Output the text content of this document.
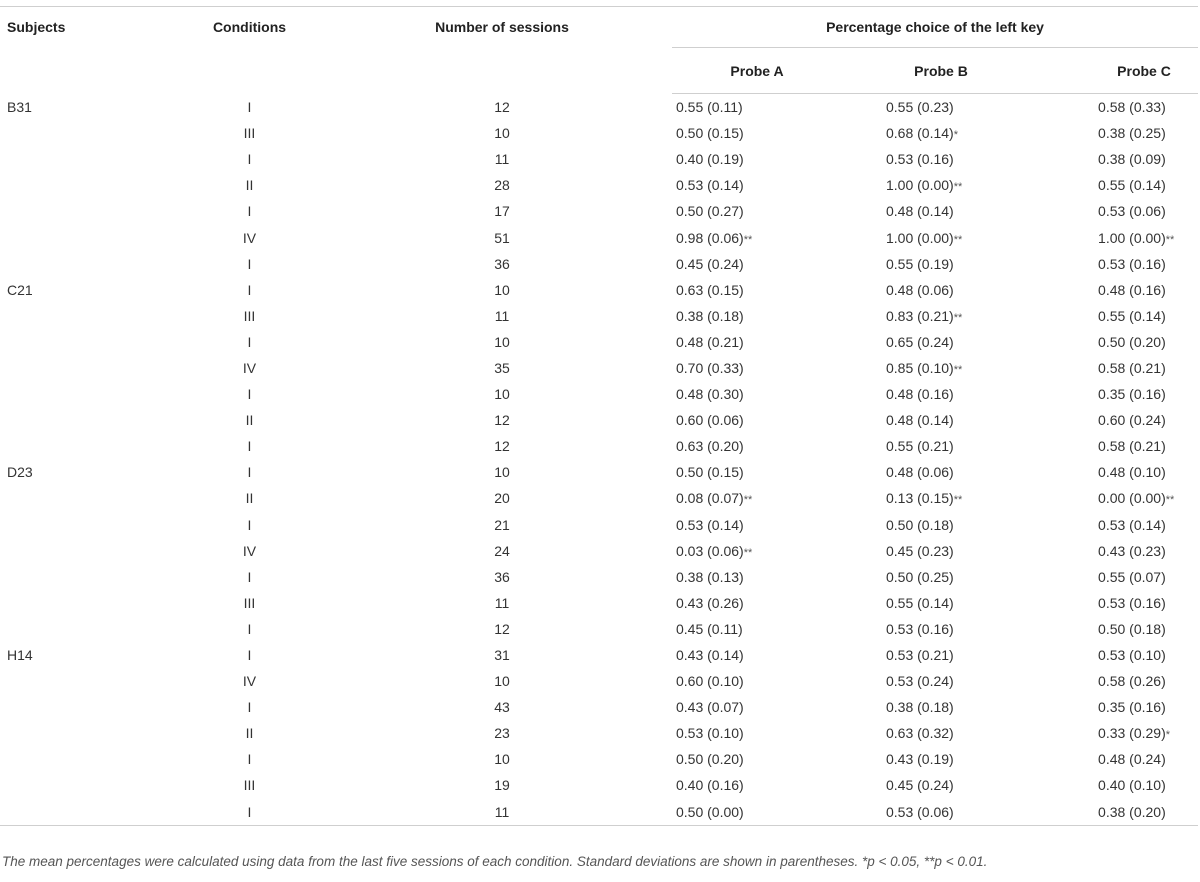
Subjects	Conditions	Number of sessions	Percentage choice of the left key		
			Probe A	Probe B	Probe C
B31	I	12	0.55 (0.11)	0.55 (0.23)	0.58 (0.33)
	III	10	0.50 (0.15)	0.68 (0.14)*	0.38 (0.25)
	I	11	0.40 (0.19)	0.53 (0.16)	0.38 (0.09)
	II	28	0.53 (0.14)	1.00 (0.00)**	0.55 (0.14)
	I	17	0.50 (0.27)	0.48 (0.14)	0.53 (0.06)
	IV	51	0.98 (0.06)**	1.00 (0.00)**	1.00 (0.00)**
	I	36	0.45 (0.24)	0.55 (0.19)	0.53 (0.16)
C21	I	10	0.63 (0.15)	0.48 (0.06)	0.48 (0.16)
	III	11	0.38 (0.18)	0.83 (0.21)**	0.55 (0.14)
	I	10	0.48 (0.21)	0.65 (0.24)	0.50 (0.20)
	IV	35	0.70 (0.33)	0.85 (0.10)**	0.58 (0.21)
	I	10	0.48 (0.30)	0.48 (0.16)	0.35 (0.16)
	II	12	0.60 (0.06)	0.48 (0.14)	0.60 (0.24)
	I	12	0.63 (0.20)	0.55 (0.21)	0.58 (0.21)
D23	I	10	0.50 (0.15)	0.48 (0.06)	0.48 (0.10)
	II	20	0.08 (0.07)**	0.13 (0.15)**	0.00 (0.00)**
	I	21	0.53 (0.14)	0.50 (0.18)	0.53 (0.14)
	IV	24	0.03 (0.06)**	0.45 (0.23)	0.43 (0.23)
	I	36	0.38 (0.13)	0.50 (0.25)	0.55 (0.07)
	III	11	0.43 (0.26)	0.55 (0.14)	0.53 (0.16)
	I	12	0.45 (0.11)	0.53 (0.16)	0.50 (0.18)
H14	I	31	0.43 (0.14)	0.53 (0.21)	0.53 (0.10)
	IV	10	0.60 (0.10)	0.53 (0.24)	0.58 (0.26)
	I	43	0.43 (0.07)	0.38 (0.18)	0.35 (0.16)
	II	23	0.53 (0.10)	0.63 (0.32)	0.33 (0.29)*
	I	10	0.50 (0.20)	0.43 (0.19)	0.48 (0.24)
	III	19	0.40 (0.16)	0.45 (0.24)	0.40 (0.10)
	I	11	0.50 (0.00)	0.53 (0.06)	0.38 (0.20)
The mean percentages were calculated using data from the last five sessions of each condition. Standard deviations are shown in parentheses. *p < 0.05, **p < 0.01.
